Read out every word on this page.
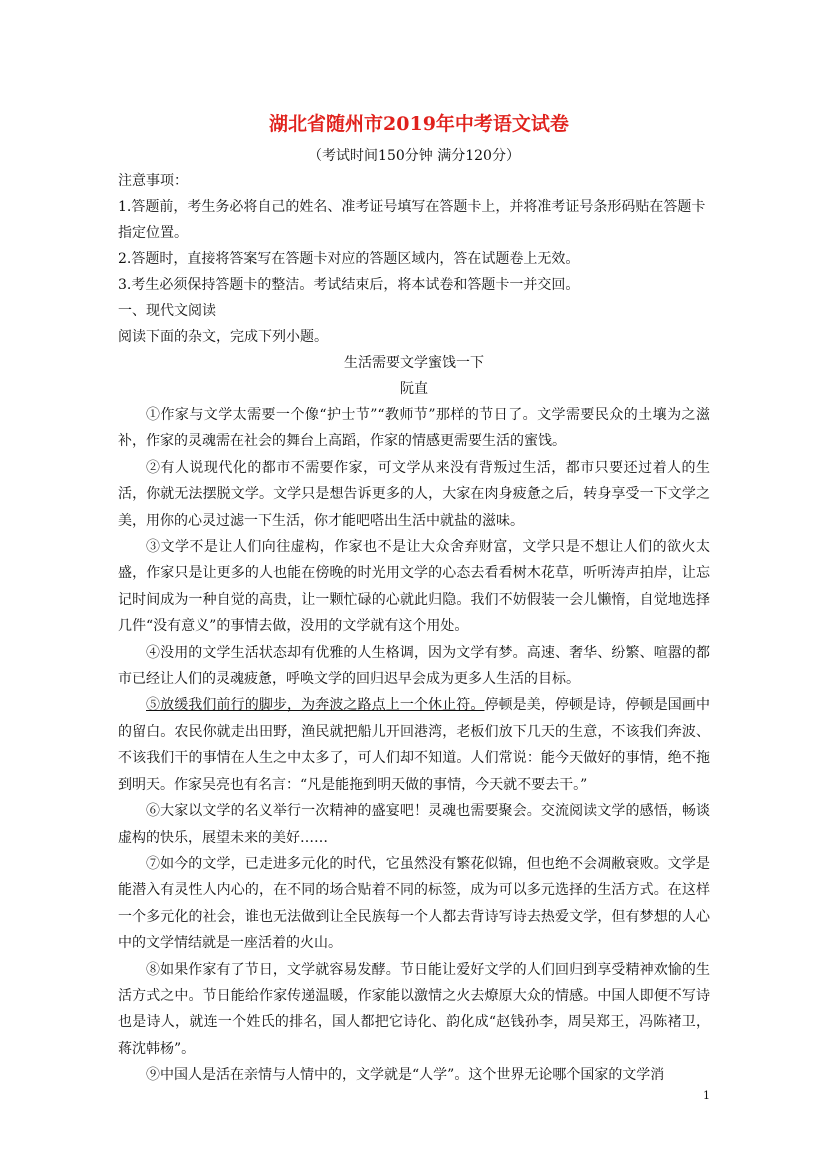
湖北省随州市2019年中考语文试卷

（考试时间150分钟 满分120分）

注意事项：

1.答题前，考生务必将自己的姓名、准考证号填写在答题卡上，并将准考证号条形码贴在答题卡指定位置。

2.答题时，直接将答案写在答题卡对应的答题区域内，答在试题卷上无效。

3.考生必须保持答题卡的整洁。考试结束后，将本试卷和答题卡一并交回。

一、现代文阅读

阅读下面的杂文，完成下列小题。

生活需要文学蜜饯一下

阮直

①作家与文学太需要一个像“护士节”“教师节”那样的节日了。文学需要民众的土壤为之滋补，作家的灵魂需在社会的舞台上高蹈，作家的情感更需要生活的蜜饯。

②有人说现代化的都市不需要作家，可文学从来没有背叛过生活，都市只要还过着人的生活，你就无法摆脱文学。文学只是想告诉更多的人，大家在肉身疲惫之后，转身享受一下文学之美，用你的心灵过滤一下生活，你才能吧嗒出生活中就盐的滋味。

③文学不是让人们向往虚构，作家也不是让大众舍弃财富，文学只是不想让人们的欲火太盛，作家只是让更多的人也能在傍晚的时光用文学的心态去看看树木花草，听听涛声拍岸，让忘记时间成为一种自觉的高贵，让一颗忙碌的心就此归隐。我们不妨假装一会儿懒惰，自觉地选择几件“没有意义”的事情去做，没用的文学就有这个用处。

④没用的文学生活状态却有优雅的人生格调，因为文学有梦。高速、奢华、纷繁、喧嚣的都市已经让人们的灵魂疲惫，呼唤文学的回归迟早会成为更多人生活的目标。

⑤放缓我们前行的脚步，为奔波之路点上一个休止符。停顿是美，停顿是诗，停顿是国画中的留白。农民你就走出田野，渔民就把船儿开回港湾，老板们放下几天的生意，不该我们奔波、不该我们干的事情在人生之中太多了，可人们却不知道。人们常说：能今天做好的事情，绝不拖到明天。作家吴亮也有名言：“凡是能拖到明天做的事情，今天就不要去干。”

⑥大家以文学的名义举行一次精神的盛宴吧！灵魂也需要聚会。交流阅读文学的感悟，畅谈虚构的快乐，展望未来的美好……

⑦如今的文学，已走进多元化的时代，它虽然没有繁花似锦，但也绝不会凋敝衰败。文学是能潜入有灵性人内心的，在不同的场合贴着不同的标签，成为可以多元选择的生活方式。在这样一个多元化的社会，谁也无法做到让全民族每一个人都去背诗写诗去热爱文学，但有梦想的人心中的文学情结就是一座活着的火山。

⑧如果作家有了节日，文学就容易发酵。节日能让爱好文学的人们回归到享受精神欢愉的生活方式之中。节日能给作家传递温暖，作家能以激情之火去燎原大众的情感。中国人即便不写诗也是诗人，就连一个姓氏的排名，国人都把它诗化、韵化成“赵钱孙李，周吴郑王，冯陈褚卫，蒋沈韩杨”。

⑨中国人是活在亲情与人情中的，文学就是“人学”。这个世界无论哪个国家的文学消

1
